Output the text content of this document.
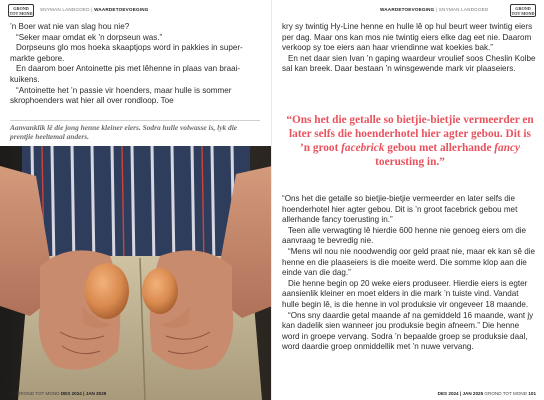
GROND TOT MOND
SNYMAN LANDGOED | WAARDETOEVOEGING

’n Boer wat nie van slag hou nie?

“Seker maar omdat ek ’n dorpseun was.”

Dorpseuns glo mos hoeka skaaptjops word in pakkies in super-markte gebore.

En daarom boer Antoinette pis met lêhenne in plaas van braai-kuikens.

“Antoinette het ’n passie vir hoenders, maar hulle is sommer skrophoenders wat hier all over rondloop. Toe

Aanvanklik lê die jong henne kleiner eiers. Sodra hulle volwasse is, lyk die prentjie heeltemal anders.
100 GROND TOT MOND DES 2024 | JAN 2025
WAARDETOEVOEGING | SNYMAN LANDGOED	GROND TOT MOND

kry sy twintig Hy-Line henne en hulle lê op hul beurt weer twintig eiers per dag. Maar ons kan mos nie twintig eiers elke dag eet nie. Daarom verkoop sy toe eiers aan haar vriendinne wat koekies bak.”

En net daar sien Ivan ’n gaping waardeur vroulief soos Cheslin Kolbe sal kan breek. Daar bestaan ’n winsgewende mark vir plaaseiers.

“Ons het die getalle so bietjie-bietjie vermeerder en later selfs die hoenderhotel hier agter gebou. Dit is ’n groot facebrick gebou met allerhande fancy toerusting in.”

“Ons het die getalle so bietjie-bietjie vermeerder en later selfs die hoenderhotel hier agter gebou. Dit is ’n groot facebrick gebou met allerhande fancy toerusting in.”

Teen alle verwagting lê hierdie 600 henne nie genoeg eiers om die aanvraag te bevredig nie.

“Mens wil nou nie noodwendig oor geld praat nie, maar ek kan sê die henne en die plaaseiers is die moeite werd. Die somme klop aan die einde van die dag.”

Die henne begin op 20 weke eiers produseer. Hierdie eiers is egter aansienlik kleiner en moet elders in die mark ’n tuiste vind. Vandat hulle begin lê, is die henne in vol produksie vir ongeveer 18 maande.

“Ons sny daardie getal maande af na gemiddeld 16 maande, want jy kan dadelik sien wanneer jou produksie begin afneem.” Die henne word in groepe vervang. Sodra ’n bepaalde groep se produksie daal, word daardie groep onmiddellik met ’n nuwe vervang.

DES 2024 | JAN 2025 GROND TOT MOND 101
